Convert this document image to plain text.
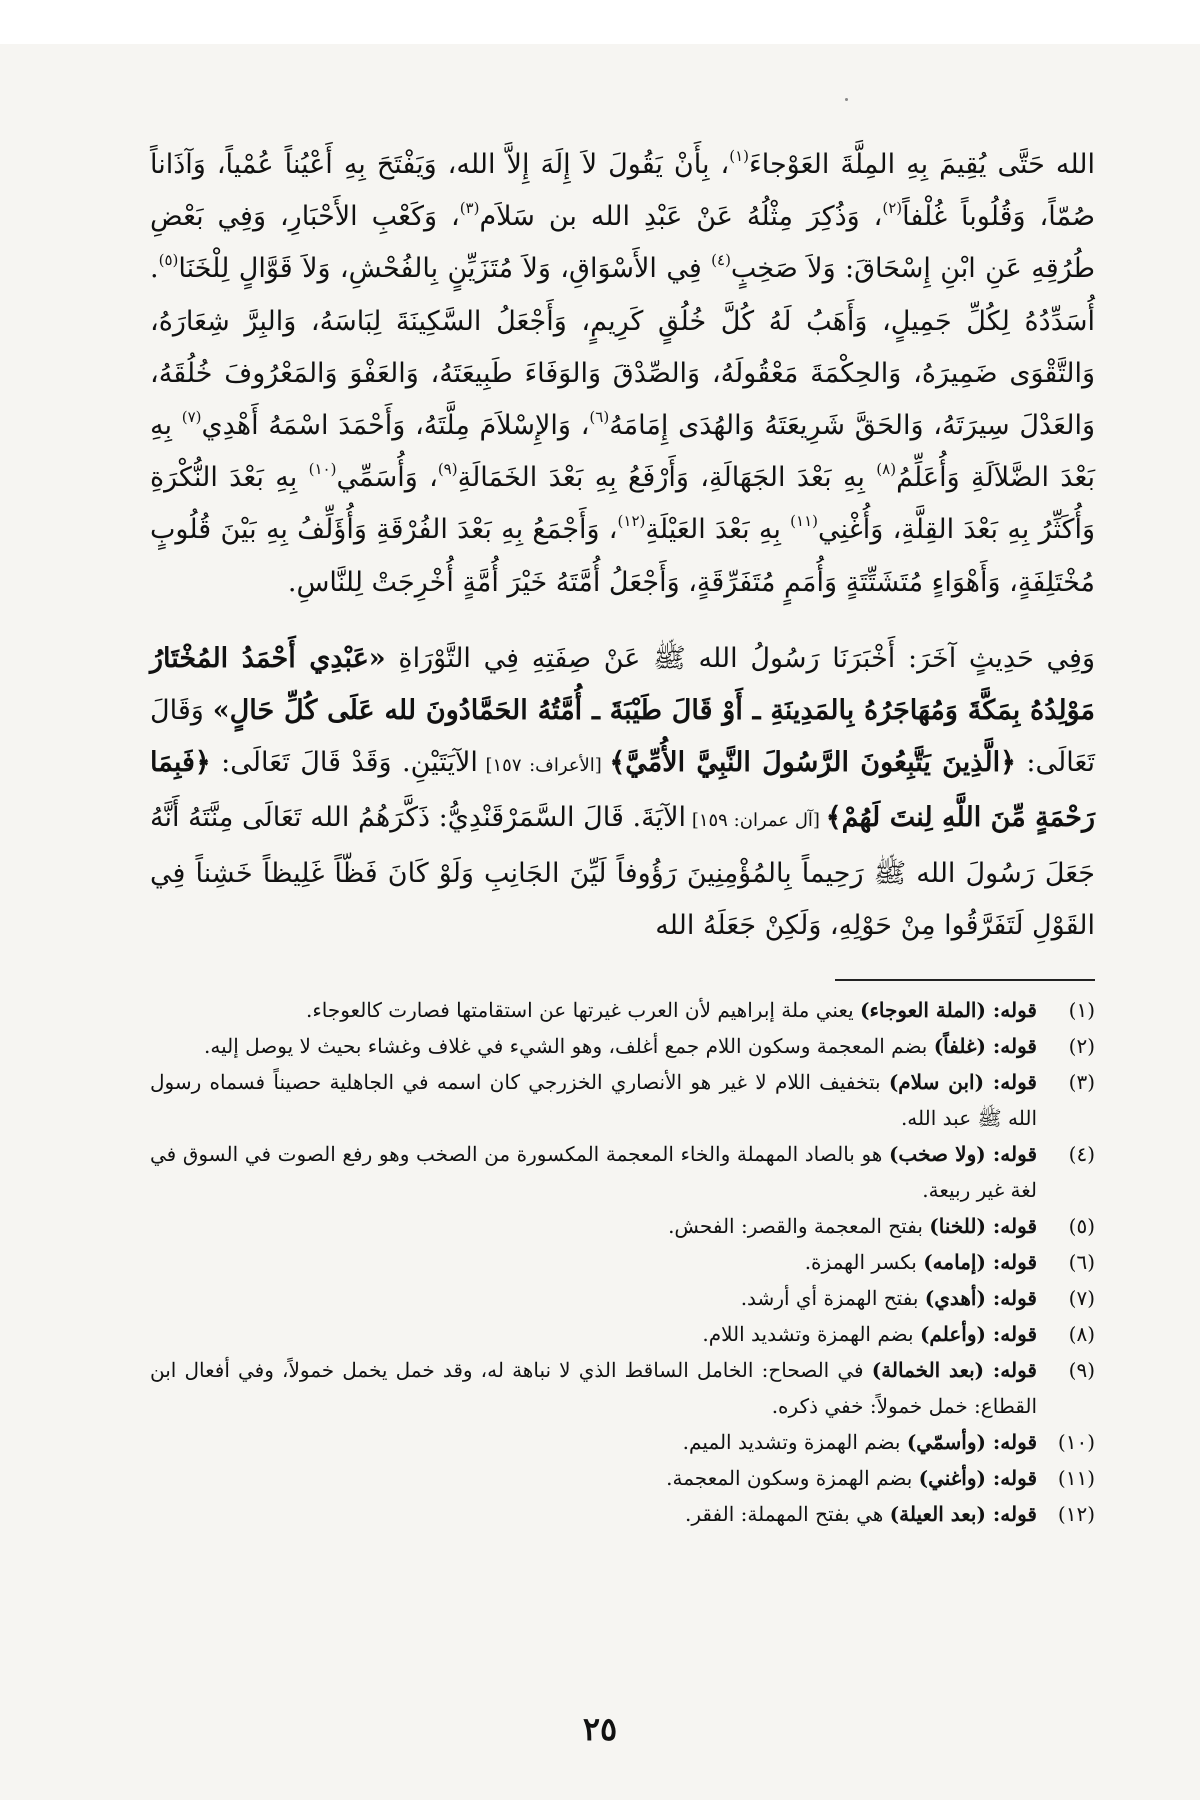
الله حَتَّى يُقِيمَ بِهِ المِلَّةَ العَوْجاءَ$^{(١)}$، بِأَنْ يَقُولَ لاَ إِلَهَ إِلاَّ الله، وَيَفْتَحَ بِهِ أَعْيُناً عُمْياً، وَآذَاناً صُمّاً، وَقُلُوباً غُلْفاً$^{(٢)}$، وَذُكِرَ مِثْلُهُ عَنْ عَبْدِ الله بن سَلاَم$^{(٣)}$، وَكَعْبِ الأَحْبَارِ، وَفِي بَعْضِ طُرُقِهِ عَنِ ابْنِ إِسْحَاقَ: وَلاَ صَخِبٍ$^{(٤)}$ فِي الأَسْوَاقِ، وَلاَ مُتَزَيِّنٍ بِالفُحْشِ، وَلاَ قَوَّالٍ لِلْخَنَا$^{(٥)}$. أُسَدِّدُهُ لِكُلِّ جَمِيلٍ، وَأَهَبُ لَهُ كُلَّ خُلُقٍ كَرِيمٍ، وَأَجْعَلُ السَّكِينَةَ لِبَاسَهُ، وَالبِرَّ شِعَارَهُ، وَالتَّقْوَى ضَمِيرَهُ، وَالحِكْمَةَ مَعْقُولَهُ، وَالصِّدْقَ وَالوَفَاءَ طَبِيعَتَهُ، وَالعَفْوَ وَالمَعْرُوفَ خُلُقَهُ، وَالعَدْلَ سِيرَتَهُ، وَالحَقَّ شَرِيعَتَهُ وَالهُدَى إِمَامَهُ$^{(٦)}$، وَالإِسْلاَمَ مِلَّتَهُ، وَأَحْمَدَ اسْمَهُ أَهْدِي$^{(٧)}$ بِهِ بَعْدَ الضَّلاَلَةِ وَأُعَلِّمُ$^{(٨)}$ بِهِ بَعْدَ الجَهَالَةِ، وَأَرْفَعُ بِهِ بَعْدَ الخَمَالَةِ$^{(٩)}$، وَأُسَمِّي$^{(١٠)}$ بِهِ بَعْدَ النُّكْرَةِ وَأُكَثِّرُ بِهِ بَعْدَ القِلَّةِ، وَأُغْنِي$^{(١١)}$ بِهِ بَعْدَ العَيْلَةِ$^{(١٢)}$، وَأَجْمَعُ بِهِ بَعْدَ الفُرْقَةِ وَأُؤَلِّفُ بِهِ بَيْنَ قُلُوبٍ مُخْتَلِفَةٍ، وَأَهْوَاءٍ مُتَشَتِّتَةٍ وَأُمَمٍ مُتَفَرِّقَةٍ، وَأَجْعَلُ أُمَّتَهُ خَيْرَ أُمَّةٍ أُخْرِجَتْ لِلنَّاسِ.

وَفِي حَدِيثٍ آخَرَ: أَخْبَرَنَا رَسُولُ الله ﷺ عَنْ صِفَتِهِ فِي التَّوْرَاةِ «عَبْدِي أَحْمَدُ المُخْتَارُ مَوْلِدُهُ بِمَكَّةَ وَمُهَاجَرُهُ بِالمَدِينَةِ ـ أَوْ قَالَ طَيْبَةَ ـ أُمَّتُهُ الحَمَّادُونَ لله عَلَى كُلِّ حَالٍ» وَقَالَ تَعَالَى: ﴿الَّذِينَ يَتَّبِعُونَ الرَّسُولَ النَّبِيَّ الأُمِّيَّ﴾ [الأعراف: ١٥٧] الآيَتَيْنِ. وَقَدْ قَالَ تَعَالَى: ﴿فَبِمَا رَحْمَةٍ مِّنَ اللَّهِ لِنتَ لَهُمْ﴾ [آل عمران: ١٥٩] الآيَةَ. قَالَ السَّمَرْقَنْدِيُّ: ذَكَّرَهُمُ الله تَعَالَى مِنَّتَهُ أَنَّهُ جَعَلَ رَسُولَ الله ﷺ رَحِيماً بِالمُؤْمِنِينَ رَؤُوفاً لَيِّنَ الجَانِبِ وَلَوْ كَانَ فَظّاً غَلِيظاً خَشِناً فِي القَوْلِ لَتَفَرَّقُوا مِنْ حَوْلِهِ، وَلَكِنْ جَعَلَهُ الله

(١)
قوله: (الملة العوجاء) يعني ملة إبراهيم لأن العرب غيرتها عن استقامتها فصارت كالعوجاء.
(٢)
قوله: (غلفاً) بضم المعجمة وسكون اللام جمع أغلف، وهو الشيء في غلاف وغشاء بحيث لا يوصل إليه.
(٣)
قوله: (ابن سلام) بتخفيف اللام لا غير هو الأنصاري الخزرجي كان اسمه في الجاهلية حصيناً فسماه رسول الله ﷺ عبد الله.
(٤)
قوله: (ولا صخب) هو بالصاد المهملة والخاء المعجمة المكسورة من الصخب وهو رفع الصوت في السوق في لغة غير ربيعة.
(٥)
قوله: (للخنا) بفتح المعجمة والقصر: الفحش.
(٦)
قوله: (إمامه) بكسر الهمزة.
(٧)
قوله: (أهدي) بفتح الهمزة أي أرشد.
(٨)
قوله: (وأعلم) بضم الهمزة وتشديد اللام.
(٩)
قوله: (بعد الخمالة) في الصحاح: الخامل الساقط الذي لا نباهة له، وقد خمل يخمل خمولاً، وفي أفعال ابن القطاع: خمل خمولاً: خفي ذكره.
(١٠)
قوله: (وأسمّي) بضم الهمزة وتشديد الميم.
(١١)
قوله: (وأغني) بضم الهمزة وسكون المعجمة.
(١٢)
قوله: (بعد العيلة) هي بفتح المهملة: الفقر.
٢٥
